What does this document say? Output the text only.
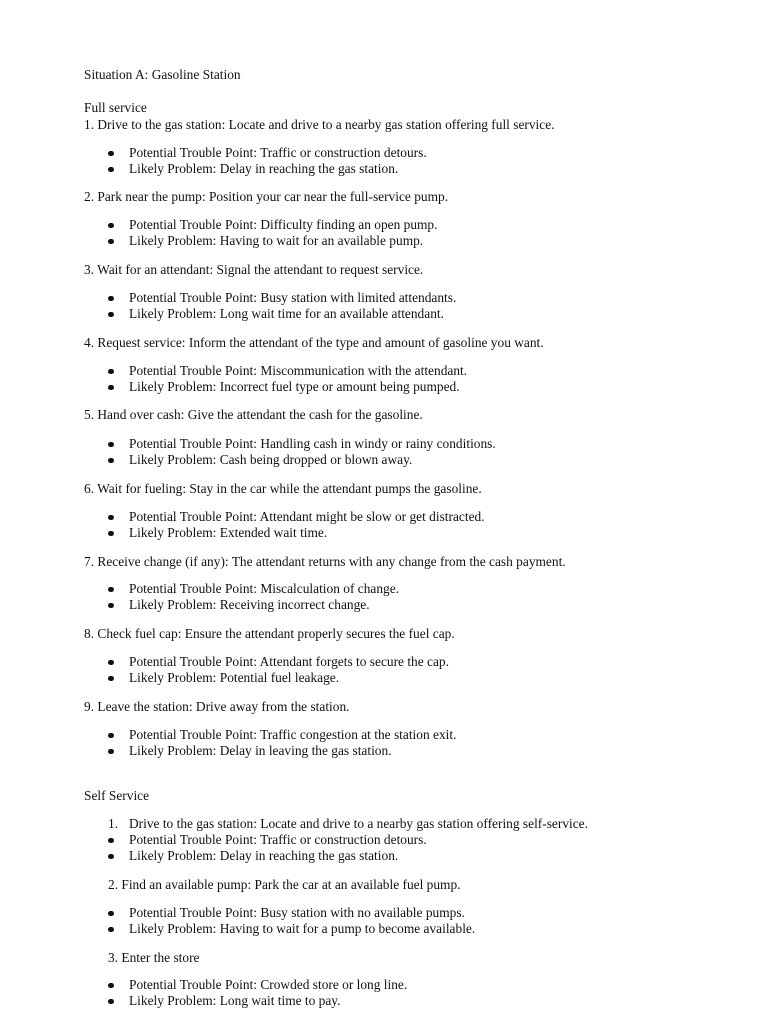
Situation A: Gasoline Station
Full service
1. Drive to the gas station: Locate and drive to a nearby gas station offering full service.
Potential Trouble Point: Traffic or construction detours.
Likely Problem: Delay in reaching the gas station.
2. Park near the pump: Position your car near the full-service pump.
Potential Trouble Point: Difficulty finding an open pump.
Likely Problem: Having to wait for an available pump.
3. Wait for an attendant: Signal the attendant to request service.
Potential Trouble Point: Busy station with limited attendants.
Likely Problem: Long wait time for an available attendant.
4. Request service: Inform the attendant of the type and amount of gasoline you want.
Potential Trouble Point: Miscommunication with the attendant.
Likely Problem: Incorrect fuel type or amount being pumped.
5. Hand over cash: Give the attendant the cash for the gasoline.
Potential Trouble Point: Handling cash in windy or rainy conditions.
Likely Problem: Cash being dropped or blown away.
6. Wait for fueling: Stay in the car while the attendant pumps the gasoline.
Potential Trouble Point: Attendant might be slow or get distracted.
Likely Problem: Extended wait time.
7. Receive change (if any): The attendant returns with any change from the cash payment.
Potential Trouble Point: Miscalculation of change.
Likely Problem: Receiving incorrect change.
8. Check fuel cap: Ensure the attendant properly secures the fuel cap.
Potential Trouble Point: Attendant forgets to secure the cap.
Likely Problem: Potential fuel leakage.
9. Leave the station: Drive away from the station.
Potential Trouble Point: Traffic congestion at the station exit.
Likely Problem: Delay in leaving the gas station.
Self Service
1. Drive to the gas station: Locate and drive to a nearby gas station offering self-service.
Potential Trouble Point: Traffic or construction detours.
Likely Problem: Delay in reaching the gas station.
2. Find an available pump: Park the car at an available fuel pump.
Potential Trouble Point: Busy station with no available pumps.
Likely Problem: Having to wait for a pump to become available.
3. Enter the store
Potential Trouble Point: Crowded store or long line.
Likely Problem: Long wait time to pay.
